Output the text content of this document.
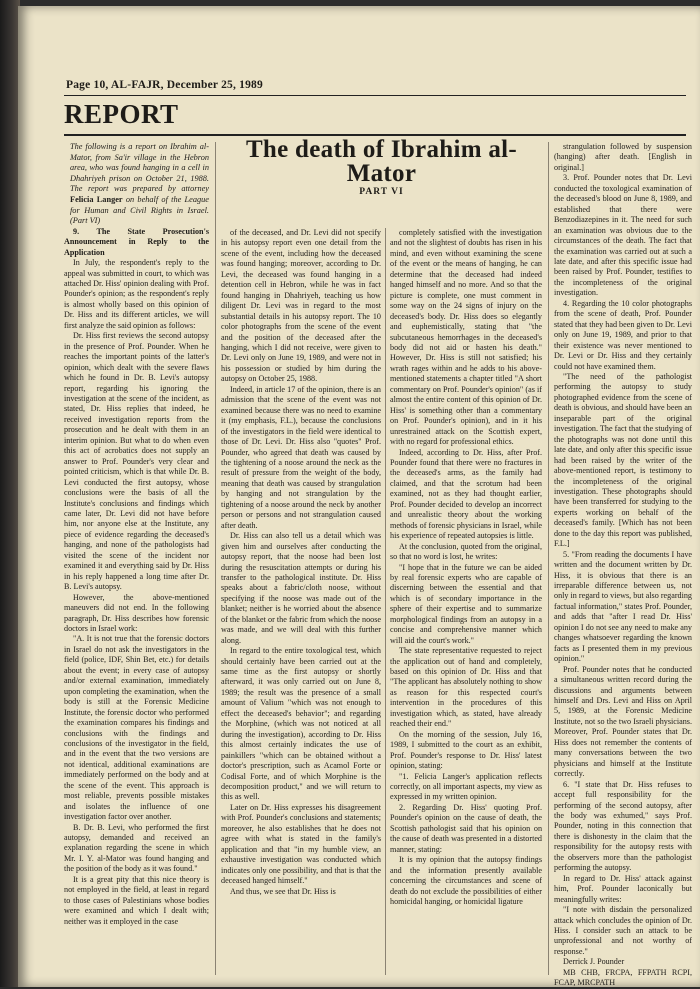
Page 10, AL-FAJR, December 25, 1989
REPORT
The death of Ibrahim al-Mator
PART VI

The following is a report on Ibrahim al-Mator, from Sa'ir village in the Hebron area, who was found hanging in a cell in Dhahriyeh prison on October 21, 1988. The report was prepared by attorney Felicia Langer on behalf of the League for Human and Civil Rights in Israel. (Part VI)

9. The State Prosecution's Announcement in Reply to the Application

In July, the respondent's reply to the appeal was submitted in court, to which was attached Dr. Hiss' opinion dealing with Prof. Pounder's opinion; as the respondent's reply is almost wholly based on this opinion of Dr. Hiss and its different articles, we will first analyze the said opinion as follows:

Dr. Hiss first reviews the second autopsy in the presence of Prof. Pounder. When he reaches the important points of the latter's opinion, which dealt with the severe flaws which he found in Dr. B. Levi's autopsy report, regarding his ignoring the investigation at the scene of the incident, as stated, Dr. Hiss replies that indeed, he received investigation reports from the prosecution and he dealt with them in an interim opinion. But what to do when even this act of acrobatics does not supply an answer to Prof. Pounder's very clear and pointed criticism, which is that while Dr. B. Levi conducted the first autopsy, whose conclusions were the basis of all the Institute's conclusions and findings which came later, Dr. Levi did not have before him, nor anyone else at the Institute, any piece of evidence regarding the deceased's hanging, and none of the pathologists had visited the scene of the incident nor examined it and everything said by Dr. Hiss in his reply happened a long time after Dr. B. Levi's autopsy.

However, the above-mentioned maneuvers did not end. In the following paragraph, Dr. Hiss describes how forensic doctors in Israel work:

"A. It is not true that the forensic doctors in Israel do not ask the investigators in the field (police, IDF, Shin Bet, etc.) for details about the event; in every case of autopsy and/or external examination, immediately upon completing the examination, when the body is still at the Forensic Medicine Institute, the forensic doctor who performed the examination compares his findings and conclusions with the findings and conclusions of the investigator in the field, and in the event that the two versions are not identical, additional examinations are immediately performed on the body and at the scene of the event. This approach is most reliable, prevents possible mistakes and isolates the influence of one investigation factor over another.

B. Dr. B. Levi, who performed the first autopsy, demanded and received an explanation regarding the scene in which Mr. I. Y. al-Mator was found hanging and the position of the body as it was found."

It is a great pity that this nice theory is not employed in the field, at least in regard to those cases of Palestinians whose bodies were examined and which I dealt with; neither was it employed in the case

of the deceased, and Dr. Levi did not specify in his autopsy report even one detail from the scene of the event, including how the deceased was found hanging; moreover, according to Dr. Levi, the deceased was found hanging in a detention cell in Hebron, while he was in fact found hanging in Dhahriyeh, teaching us how diligent Dr. Levi was in regard to the most substantial details in his autopsy report. The 10 color photographs from the scene of the event and the position of the deceased after the hanging, which I did not receive, were given to Dr. Levi only on June 19, 1989, and were not in his possession or studied by him during the autopsy on October 25, 1988.

Indeed, in article 17 of the opinion, there is an admission that the scene of the event was not examined because there was no need to examine it (my emphasis, F.L.), because the conclusions of the investigators in the field were identical to those of Dr. Levi. Dr. Hiss also "quotes" Prof. Pounder, who agreed that death was caused by the tightening of a noose around the neck as the result of pressure from the weight of the body, meaning that death was caused by strangulation by hanging and not strangulation by the tightening of a noose around the neck by another person or persons and not strangulation caused after death.

Dr. Hiss can also tell us a detail which was given him and ourselves after conducting the autopsy report, that the noose had been lost during the resuscitation attempts or during his transfer to the pathological institute. Dr. Hiss speaks about a fabric/cloth noose, without specifying if the noose was made out of the blanket; neither is he worried about the absence of the blanket or the fabric from which the noose was made, and we will deal with this further along.

In regard to the entire toxological test, which should certainly have been carried out at the same time as the first autopsy or shortly afterward, it was only carried out on June 8, 1989; the result was the presence of a small amount of Valium "which was not enough to effect the deceased's behavior"; and regarding the Morphine, (which was not noticed at all during the investigation), according to Dr. Hiss this almost certainly indicates the use of painkillers "which can be obtained without a doctor's prescription, such as Acamol Forte or Codisal Forte, and of which Morphine is the decomposition product," and we will return to this as well.

Later on Dr. Hiss expresses his disagreement with Prof. Pounder's conclusions and statements; moreover, he also establishes that he does not agree with what is stated in the family's application and that "in my humble view, an exhaustive investigation was conducted which indicates only one possibility, and that is that the deceased hanged himself."

And thus, we see that Dr. Hiss is

completely satisfied with the investigation and not the slightest of doubts has risen in his mind, and even without examining the scene of the event or the means of hanging, he can determine that the deceased had indeed hanged himself and no more. And so that the picture is complete, one must comment in some way on the 24 signs of injury on the deceased's body. Dr. Hiss does so elegantly and euphemistically, stating that "the subcutaneous hemorrhages in the deceased's body did not aid or hasten his death." However, Dr. Hiss is still not satisfied; his wrath rages within and he adds to his above-mentioned statements a chapter titled "A short commentary on Prof. Pounder's opinion" (as if almost the entire content of this opinion of Dr. Hiss' is something other than a commentary on Prof. Pounder's opinion), and in it his unrestrained attack on the Scottish expert, with no regard for professional ethics.

Indeed, according to Dr. Hiss, after Prof. Pounder found that there were no fractures in the deceased's arms, as the family had claimed, and that the scrotum had been examined, not as they had thought earlier, Prof. Pounder decided to develop an incorrect and unrealistic theory about the working methods of forensic physicians in Israel, while his experience of repeated autopsies is little.

At the conclusion, quoted from the original, so that no word is lost, he writes:

"I hope that in the future we can be aided by real forensic experts who are capable of discerning between the essential and that which is of secondary importance in the sphere of their expertise and to summarize morphological findings from an autopsy in a concise and comprehensive manner which will aid the court's work."

The state representative requested to reject the application out of hand and completely, based on this opinion of Dr. Hiss and that "The applicant has absolutely nothing to show as reason for this respected court's intervention in the procedures of this investigation which, as stated, have already reached their end."

On the morning of the session, July 16, 1989, I submitted to the court as an exhibit, Prof. Pounder's response to Dr. Hiss' latest opinion, stating:

"1. Felicia Langer's application reflects correctly, on all important aspects, my view as expressed in my written opinion.

2. Regarding Dr. Hiss' quoting Prof. Pounder's opinion on the cause of death, the Scottish pathologist said that his opinion on the cause of death was presented in a distorted manner, stating:

It is my opinion that the autopsy findings and the information presently available concerning the circumstances and scene of death do not exclude the possibilities of either homicidal hanging, or homicidal ligature

strangulation followed by suspension (hanging) after death. [English in original.]

3. Prof. Pounder notes that Dr. Levi conducted the toxological examination of the deceased's blood on June 8, 1989, and established that there were Benzodiazepines in it. The need for such an examination was obvious due to the circumstances of the death. The fact that the examination was carried out at such a late date, and after this specific issue had been raised by Prof. Pounder, testifies to the incompleteness of the original investigation.

4. Regarding the 10 color photographs from the scene of death, Prof. Pounder stated that they had been given to Dr. Levi only on June 19, 1989, and prior to that their existence was never mentioned to Dr. Levi or Dr. Hiss and they certainly could not have examined them.

"The need of the pathologist performing the autopsy to study photographed evidence from the scene of death is obvious, and should have been an inseparable part of the original investigation. The fact that the studying of the photographs was not done until this late date, and only after this specific issue had been raised by the writer of the above-mentioned report, is testimony to the incompleteness of the original investigation. These photographs should have been transferred for studying to the experts working on behalf of the deceased's family. [Which has not been done to the day this report was published, F.L.]

5. "From reading the documents I have written and the document written by Dr. Hiss, it is obvious that there is an irreparable difference between us, not only in regard to views, but also regarding factual information," states Prof. Pounder, and adds that "after I read Dr. Hiss' opinion I do not see any need to make any changes whatsoever regarding the known facts as I presented them in my previous opinion."

Prof. Pounder notes that he conducted a simultaneous written record during the discussions and arguments between himself and Drs. Levi and Hiss on April 5, 1989, at the Forensic Medicine Institute, not so the two Israeli physicians. Moreover, Prof. Pounder states that Dr. Hiss does not remember the contents of many conversations between the two physicians and himself at the Institute correctly.

6. "I state that Dr. Hiss refuses to accept full responsibility for the performing of the second autopsy, after the body was exhumed," says Prof. Pounder, noting in this connection that there is dishonesty in the claim that the responsibility for the autopsy rests with the observers more than the pathologist performing the autopsy.

In regard to Dr. Hiss' attack against him, Prof. Pounder laconically but meaningfully writes:

"I note with disdain the personalized attack which concludes the opinion of Dr. Hiss. I consider such an attack to be unprofessional and not worthy of response."

Derrick J. Pounder

MB CHB, FRCPA, FFPATH RCPI, FCAP, MRCPATH
